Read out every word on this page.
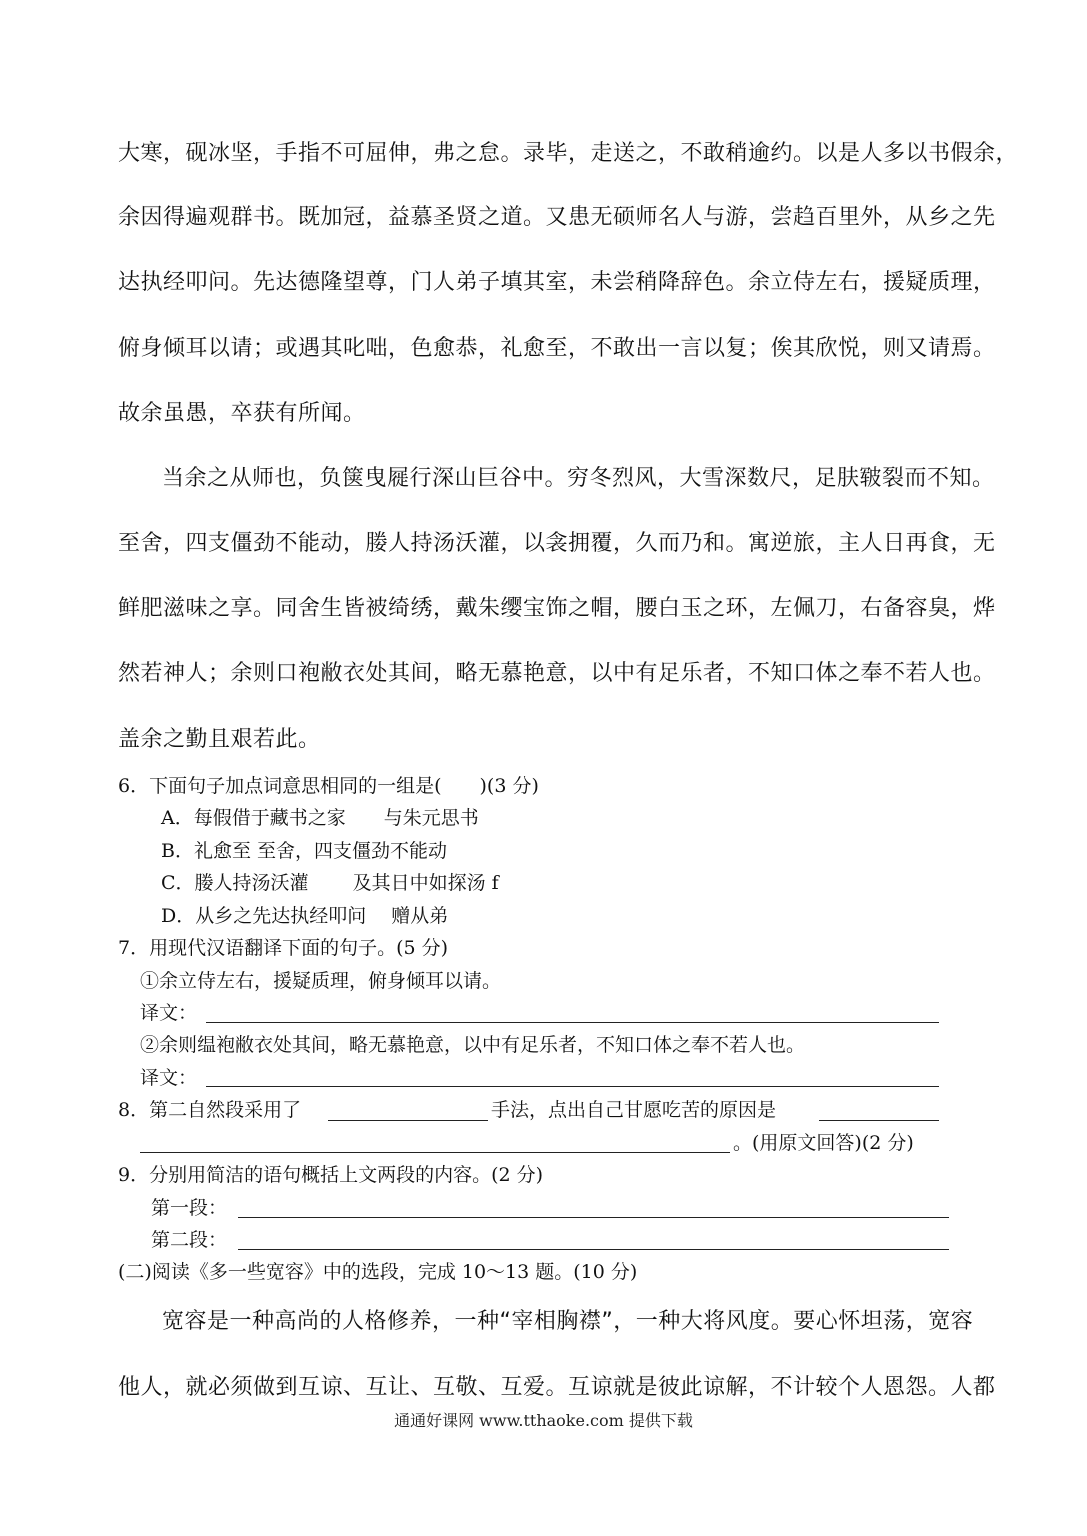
大寒，砚冰坚，手指不可屈伸，弗之怠。录毕，走送之，不敢稍逾约。以是人多以书假余，
余因得遍观群书。既加冠，益慕圣贤之道。又患无硕师名人与游，尝趋百里外，从乡之先
达执经叩问。先达德隆望尊，门人弟子填其室，未尝稍降辞色。余立侍左右，援疑质理，
俯身倾耳以请；或遇其叱咄，色愈恭，礼愈至，不敢出一言以复；俟其欣悦，则又请焉。
故余虽愚，卒获有所闻。
当余之从师也，负箧曳屣行深山巨谷中。穷冬烈风，大雪深数尺，足肤皲裂而不知。
至舍，四支僵劲不能动，媵人持汤沃灌，以衾拥覆，久而乃和。寓逆旅，主人日再食，无
鲜肥滋味之享。同舍生皆被绮绣，戴朱缨宝饰之帽，腰白玉之环，左佩刀，右备容臭，烨
然若神人；余则口袍敝衣处其间，略无慕艳意，以中有足乐者，不知口体之奉不若人也。
盖余之勤且艰若此。
6．下面句子加点词意思相同的一组是(　　)(3 分)
A．每假借于藏书之家　　与朱元思书
B．礼愈至 至舍，四支僵劲不能动
C．媵人持汤沃灌　　 及其日中如探汤 f
D．从乡之先达执经叩问　 赠从弟
7．用现代汉语翻译下面的句子。(5 分)
①余立侍左右，援疑质理，俯身倾耳以请。
译文：
②余则缊袍敝衣处其间，略无慕艳意，以中有足乐者，不知口体之奉不若人也。
译文：
8．第二自然段采用了	手法，点出自己甘愿吃苦的原因是
。(用原文回答)(2 分)
9．分别用简洁的语句概括上文两段的内容。(2 分)
第一段：
第二段：
(二)阅读《多一些宽容》中的选段，完成 10～13 题。(10 分)
宽容是一种高尚的人格修养，一种“宰相胸襟”，一种大将风度。要心怀坦荡，宽容
他人，就必须做到互谅、互让、互敬、互爱。互谅就是彼此谅解，不计较个人恩怨。人都
通通好课网 www.tthaoke.com 提供下载
